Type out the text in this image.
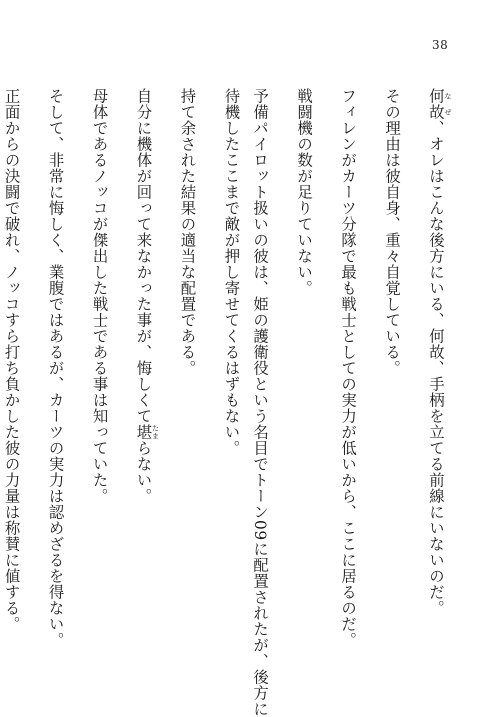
38
何故 なぜ、オレはこんな後方にいる、何故、手柄を立てる前線にいないのだ。
その理由は彼自身、重々自覚している。
フィレンがカーツ分隊で最も戦士としての実力が低いから、ここに居るのだ。
戦闘機の数が足りていない。
予備パイロット扱いの彼は、姫の護衛役という名目でトーン09に配置されたが、後方に
待機したここまで敵が押し寄せてくるはずもない。
持て余された結果の適当な配置である。
自分に機体が回って来なかった事が、悔しくて堪 たまらない。
母体であるノッコが傑出した戦士である事は知っていた。
そして、非常に悔しく、業腹ではあるが、カーツの実力は認めざるを得ない。
正面からの決闘で破れ、ノッコすら打ち負かした彼の力量は称賛に値する。
